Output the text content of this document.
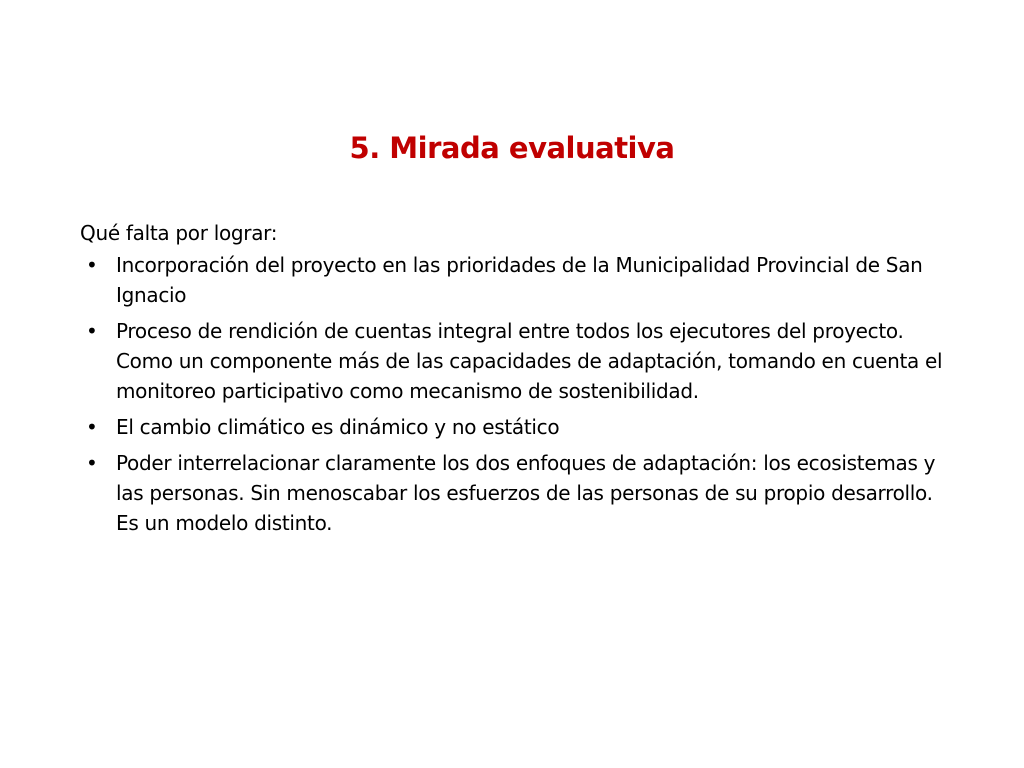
5. Mirada evaluativa

Qué falta por lograr:

• Incorporación del proyecto en las prioridades de la Municipalidad Provincial de San Ignacio
• Proceso de rendición de cuentas integral entre todos los ejecutores del proyecto. Como un componente más de las capacidades de adaptación, tomando en cuenta el monitoreo participativo como mecanismo de sostenibilidad.
• El cambio climático es dinámico y no estático
• Poder interrelacionar claramente los dos enfoques de adaptación: los ecosistemas y las personas. Sin menoscabar los esfuerzos de las personas de su propio desarrollo. Es un modelo distinto.
